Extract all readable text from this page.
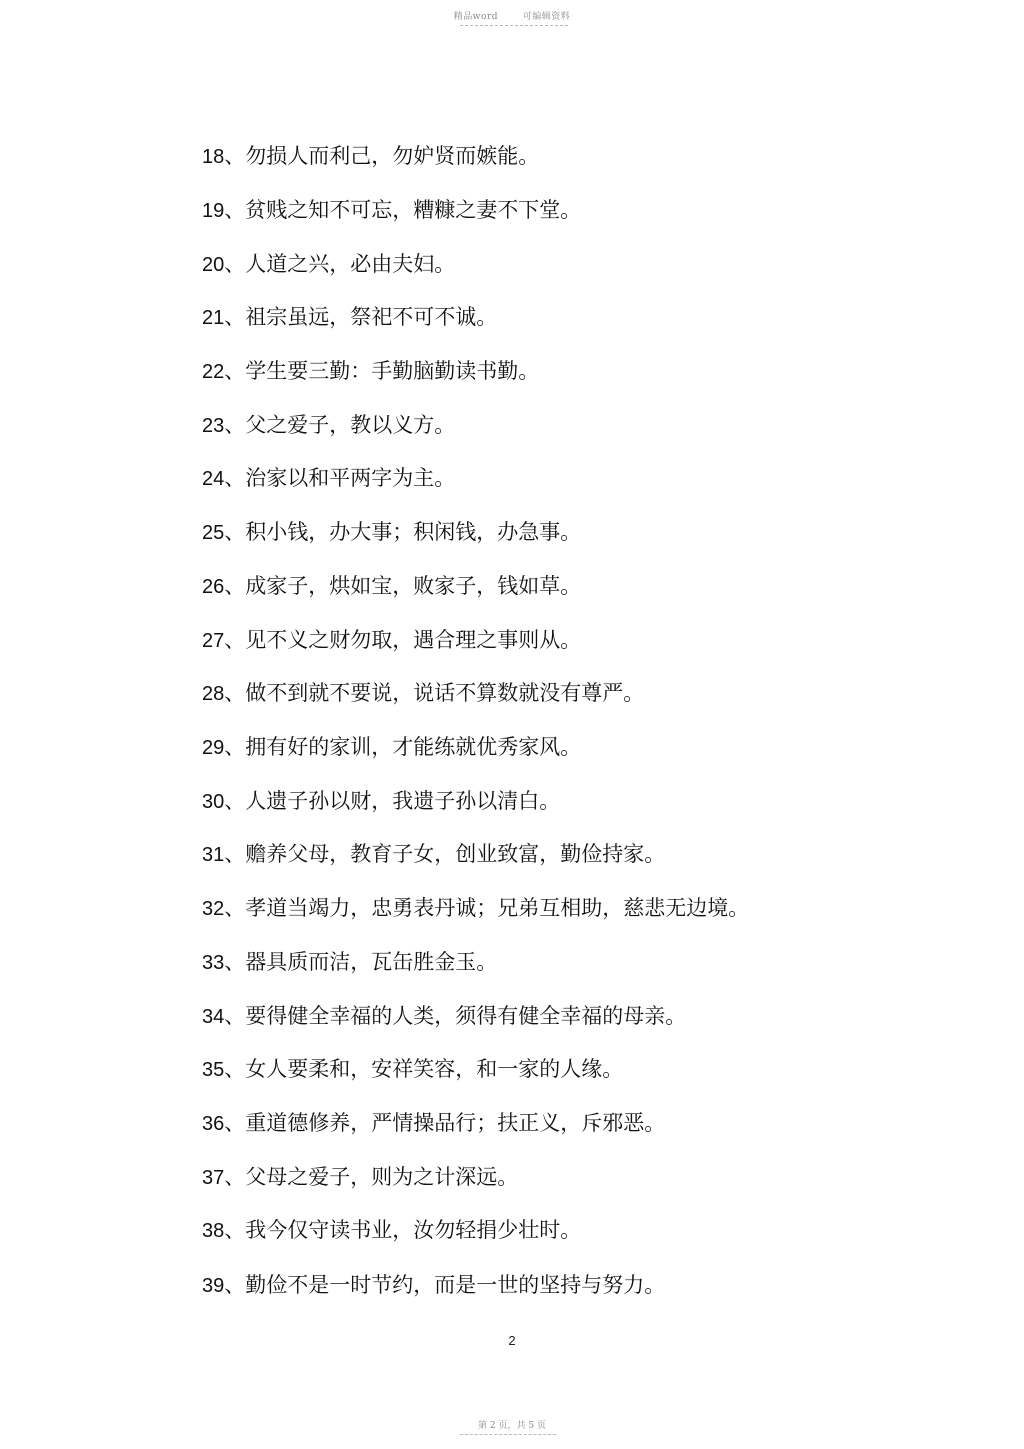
精品word	可编辑资料
18、勿损人而利己，勿妒贤而嫉能。
19、贫贱之知不可忘，糟糠之妻不下堂。
20、人道之兴，必由夫妇。
21、祖宗虽远，祭祀不可不诚。
22、学生要三勤：手勤脑勤读书勤。
23、父之爱子，教以义方。
24、治家以和平两字为主。
25、积小钱，办大事；积闲钱，办急事。
26、成家子，烘如宝，败家子，钱如草。
27、见不义之财勿取，遇合理之事则从。
28、做不到就不要说，说话不算数就没有尊严。
29、拥有好的家训，才能练就优秀家风。
30、人遗子孙以财，我遗子孙以清白。
31、赡养父母，教育子女，创业致富，勤俭持家。
32、孝道当竭力，忠勇表丹诚；兄弟互相助，慈悲无边境。
33、器具质而洁，瓦缶胜金玉。
34、要得健全幸福的人类，须得有健全幸福的母亲。
35、女人要柔和，安祥笑容，和一家的人缘。
36、重道德修养，严情操品行；扶正义，斥邪恶。
37、父母之爱子，则为之计深远。
38、我今仅守读书业，汝勿轻捐少壮时。
39、勤俭不是一时节约，而是一世的坚持与努力。
2
第 2 页，共 5 页
